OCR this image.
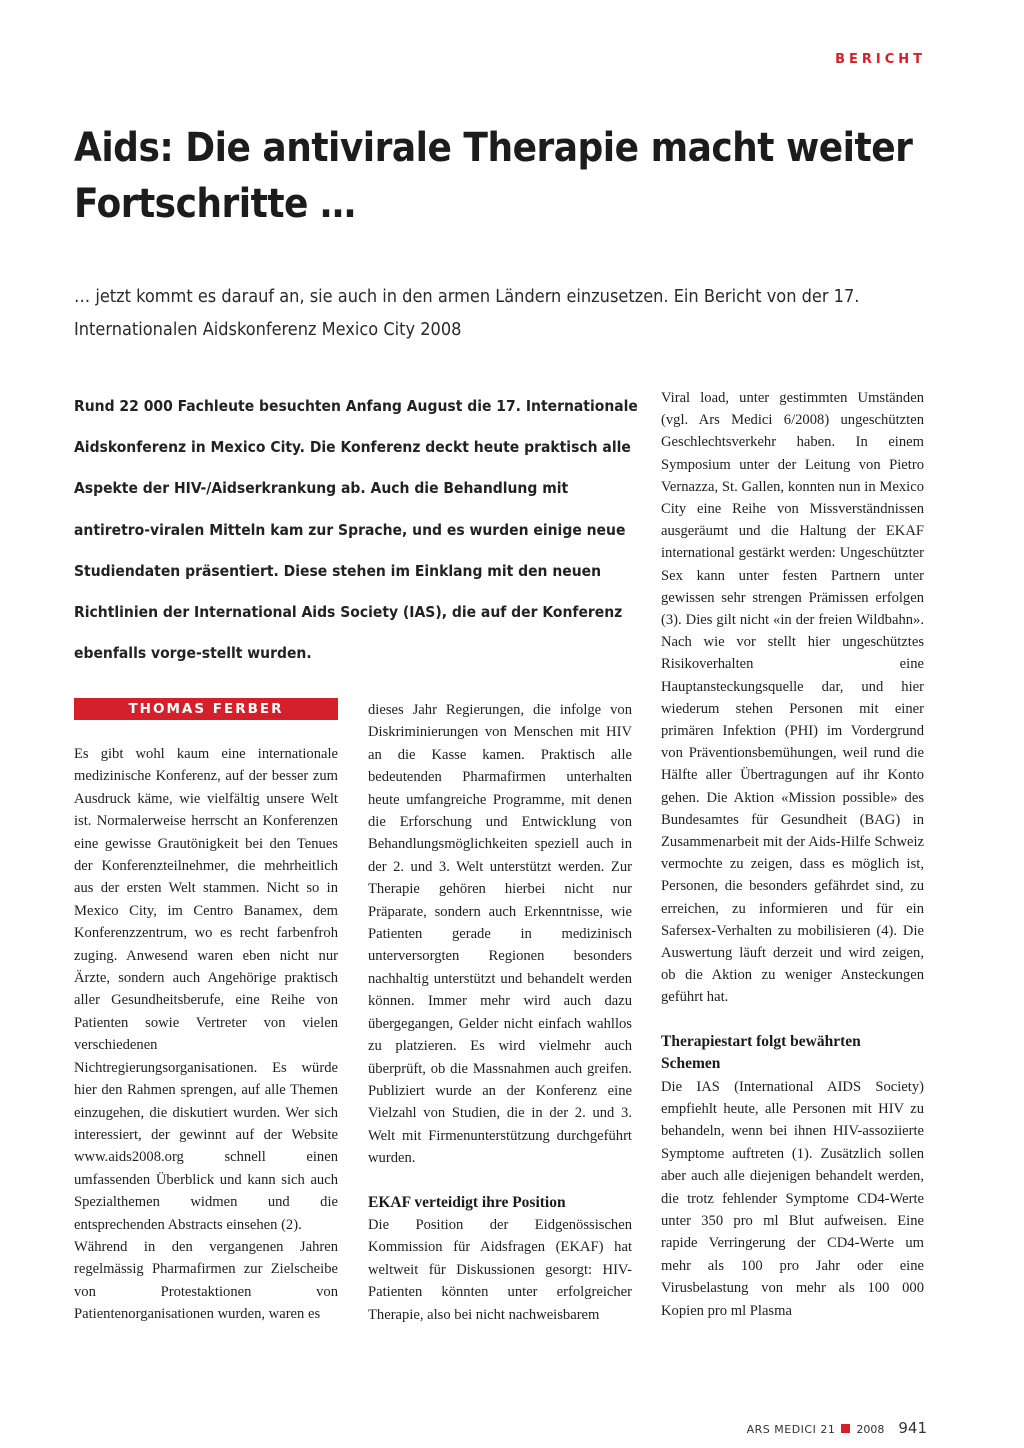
BERICHT
Aids: Die antivirale Therapie macht weiter Fortschritte …

… jetzt kommt es darauf an, sie auch in den armen Ländern einzusetzen. Ein Bericht von der 17. Internationalen Aidskonferenz Mexico City 2008

Rund 22 000 Fachleute besuchten Anfang August die 17. Internationale Aidskonferenz in Mexico City. Die Konferenz deckt heute praktisch alle Aspekte der HIV-/Aidserkrankung ab. Auch die Behandlung mit antiretro-viralen Mitteln kam zur Sprache, und es wurden einige neue Studiendaten präsentiert. Diese stehen im Einklang mit den neuen Richtlinien der International Aids Society (IAS), die auf der Konferenz ebenfalls vorge-stellt wurden.

THOMAS FERBER

Es gibt wohl kaum eine internationale medizinische Konferenz, auf der besser zum Ausdruck käme, wie vielfältig unsere Welt ist. Normalerweise herrscht an Konferenzen eine gewisse Grautönigkeit bei den Tenues der Konferenzteilnehmer, die mehrheitlich aus der ersten Welt stammen. Nicht so in Mexico City, im Centro Banamex, dem Konferenzzentrum, wo es recht farbenfroh zuging. Anwesend waren eben nicht nur Ärzte, sondern auch Angehörige praktisch aller Gesundheitsberufe, eine Reihe von Patienten sowie Vertreter von vielen verschiedenen Nichtregierungsorganisationen. Es würde hier den Rahmen sprengen, auf alle Themen einzugehen, die diskutiert wurden. Wer sich interessiert, der gewinnt auf der Website www.aids2008.org schnell einen umfassenden Überblick und kann sich auch Spezialthemen widmen und die entsprechenden Abstracts einsehen (2).

Während in den vergangenen Jahren regelmässig Pharmafirmen zur Zielscheibe von Protestaktionen von Patientenorganisationen wurden, waren es

dieses Jahr Regierungen, die infolge von Diskriminierungen von Menschen mit HIV an die Kasse kamen. Praktisch alle bedeutenden Pharmafirmen unterhalten heute umfangreiche Programme, mit denen die Erforschung und Entwicklung von Behandlungsmöglichkeiten speziell auch in der 2. und 3. Welt unterstützt werden. Zur Therapie gehören hierbei nicht nur Präparate, sondern auch Erkenntnisse, wie Patienten gerade in medizinisch unterversorgten Regionen besonders nachhaltig unterstützt und behandelt werden können. Immer mehr wird auch dazu übergegangen, Gelder nicht einfach wahllos zu platzieren. Es wird vielmehr auch überprüft, ob die Massnahmen auch greifen. Publiziert wurde an der Konferenz eine Vielzahl von Studien, die in der 2. und 3. Welt mit Firmenunterstützung durchgeführt wurden.

EKAF verteidigt ihre Position

Die Position der Eidgenössischen Kommission für Aidsfragen (EKAF) hat weltweit für Diskussionen gesorgt: HIV-Patienten könnten unter erfolgreicher Therapie, also bei nicht nachweisbarem

Viral load, unter gestimmten Umständen (vgl. Ars Medici 6/2008) ungeschützten Geschlechtsverkehr haben. In einem Symposium unter der Leitung von Pietro Vernazza, St. Gallen, konnten nun in Mexico City eine Reihe von Missverständnissen ausgeräumt und die Haltung der EKAF international gestärkt werden: Ungeschützter Sex kann unter festen Partnern unter gewissen sehr strengen Prämissen erfolgen (3). Dies gilt nicht «in der freien Wildbahn». Nach wie vor stellt hier ungeschütztes Risikoverhalten eine Hauptansteckungsquelle dar, und hier wiederum stehen Personen mit einer primären Infektion (PHI) im Vordergrund von Präventionsbemühungen, weil rund die Hälfte aller Übertragungen auf ihr Konto gehen. Die Aktion «Mission possible» des Bundesamtes für Gesundheit (BAG) in Zusammenarbeit mit der Aids-Hilfe Schweiz vermochte zu zeigen, dass es möglich ist, Personen, die besonders gefährdet sind, zu erreichen, zu informieren und für ein Safersex-Verhalten zu mobilisieren (4). Die Auswertung läuft derzeit und wird zeigen, ob die Aktion zu weniger Ansteckungen geführt hat.

Therapiestart folgt bewährten Schemen

Die IAS (International AIDS Society) empfiehlt heute, alle Personen mit HIV zu behandeln, wenn bei ihnen HIV-assoziierte Symptome auftreten (1). Zusätzlich sollen aber auch alle diejenigen behandelt werden, die trotz fehlender Symptome CD4-Werte unter 350 pro ml Blut aufweisen. Eine rapide Verringerung der CD4-Werte um mehr als 100 pro Jahr oder eine Virusbelastung von mehr als 100 000 Kopien pro ml Plasma

ARS MEDICI 21 2008 941
